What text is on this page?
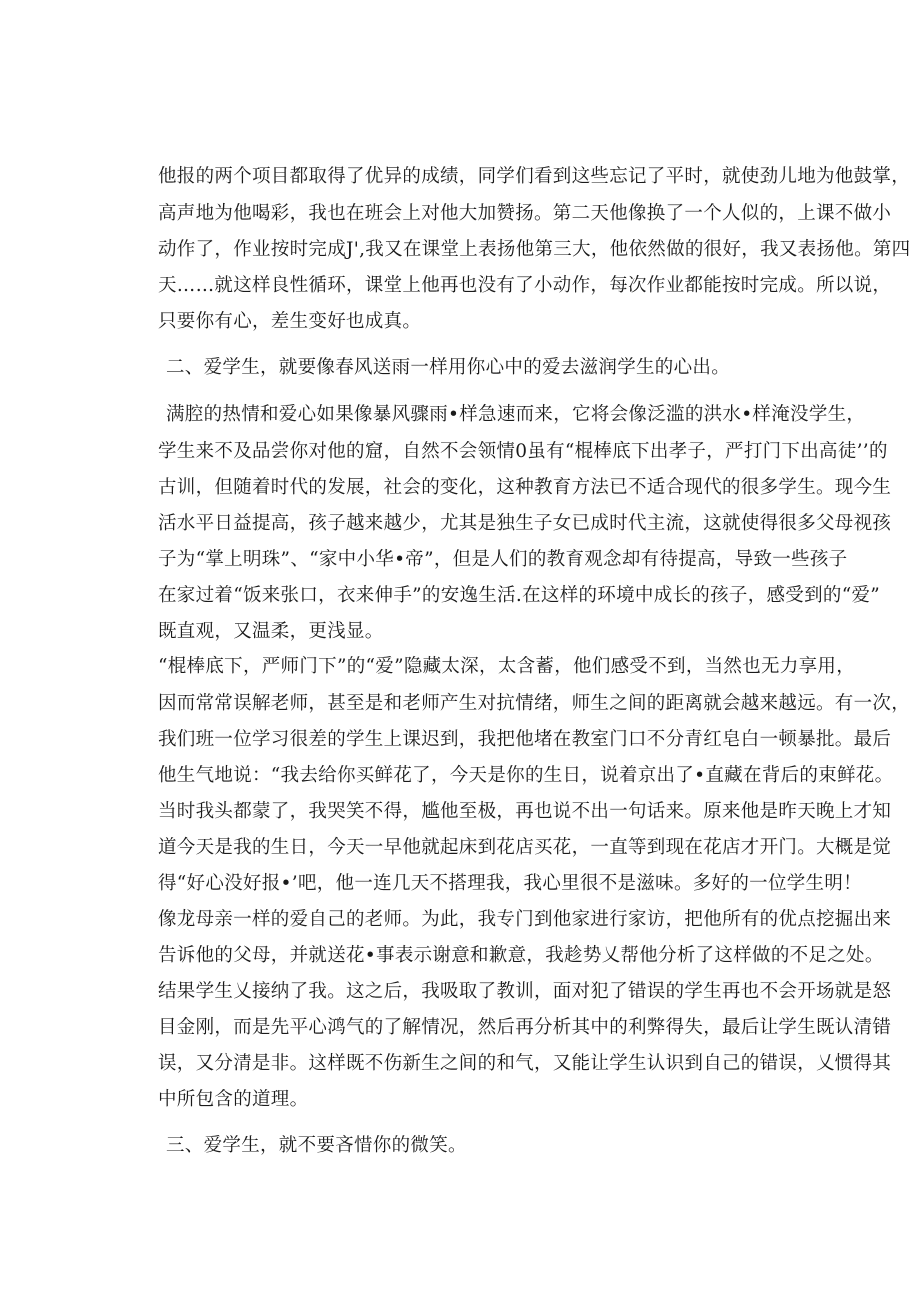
他报的两个项目都取得了优异的成绩，同学们看到这些忘记了平时，就使劲儿地为他鼓掌，
高声地为他喝彩，我也在班会上对他大加赞扬。第二天他像换了一个人似的，上课不做小
动作了，作业按时完成J',我又在课堂上表扬他第三大，他依然做的很好，我又表扬他。第四
天……就这样良性循环，课堂上他再也没有了小动作，每次作业都能按时完成。所以说，
只要你有心，差生变好也成真。
二、爱学生，就要像春风送雨一样用你心中的爱去滋润学生的心出。
满腔的热情和爱心如果像暴风骤雨•样急速而来，它将会像泛滥的洪水•样淹没学生，
学生来不及品尝你对他的窟，自然不会领情0虽有“棍棒底下出孝子，严打门下出高徒’’的
古训，但随着时代的发展，社会的变化，这种教育方法已不适合现代的很多学生。现今生
活水平日益提高，孩子越来越少，尤其是独生子女已成时代主流，这就使得很多父母视孩
子为“掌上明珠”、“家中小华•帝”，但是人们的教育观念却有待提高，导致一些孩子
在家过着“饭来张口，衣来伸手”的安逸生活.在这样的环境中成长的孩子，感受到的“爱”
既直观，又温柔，更浅显。
“棍棒底下，严师门下”的“爱”隐藏太深，太含蓄，他们感受不到，当然也无力享用，
因而常常误解老师，甚至是和老师产生对抗情绪，师生之间的距离就会越来越远。有一次，
我们班一位学习很差的学生上课迟到，我把他堵在教室门口不分青红皂白一顿暴批。最后
他生气地说：“我去给你买鲜花了，今天是你的生日，说着京出了•直藏在背后的束鲜花。
当时我头都蒙了，我哭笑不得，尴他至极，再也说不出一句话来。原来他是昨天晚上才知
道今天是我的生日，今天一早他就起床到花店买花，一直等到现在花店才开门。大概是觉
得“好心没好报•’吧，他一连几天不搭理我，我心里很不是滋味。多好的一位学生明！
像龙母亲一样的爱自己的老师。为此，我专门到他家进行家访，把他所有的优点挖掘出来
告诉他的父母，并就送花•事表示谢意和歉意，我趁势乂帮他分析了这样做的不足之处。
结果学生乂接纳了我。这之后，我吸取了教训，面对犯了错误的学生再也不会开场就是怒
目金刚，而是先平心鸿气的了解情况，然后再分析其中的利弊得失，最后让学生既认清错
误，又分清是非。这样既不伤新生之间的和气，又能让学生认识到自己的错误，乂惯得其
中所包含的道理。
三、爱学生，就不要吝惜你的微笑。
